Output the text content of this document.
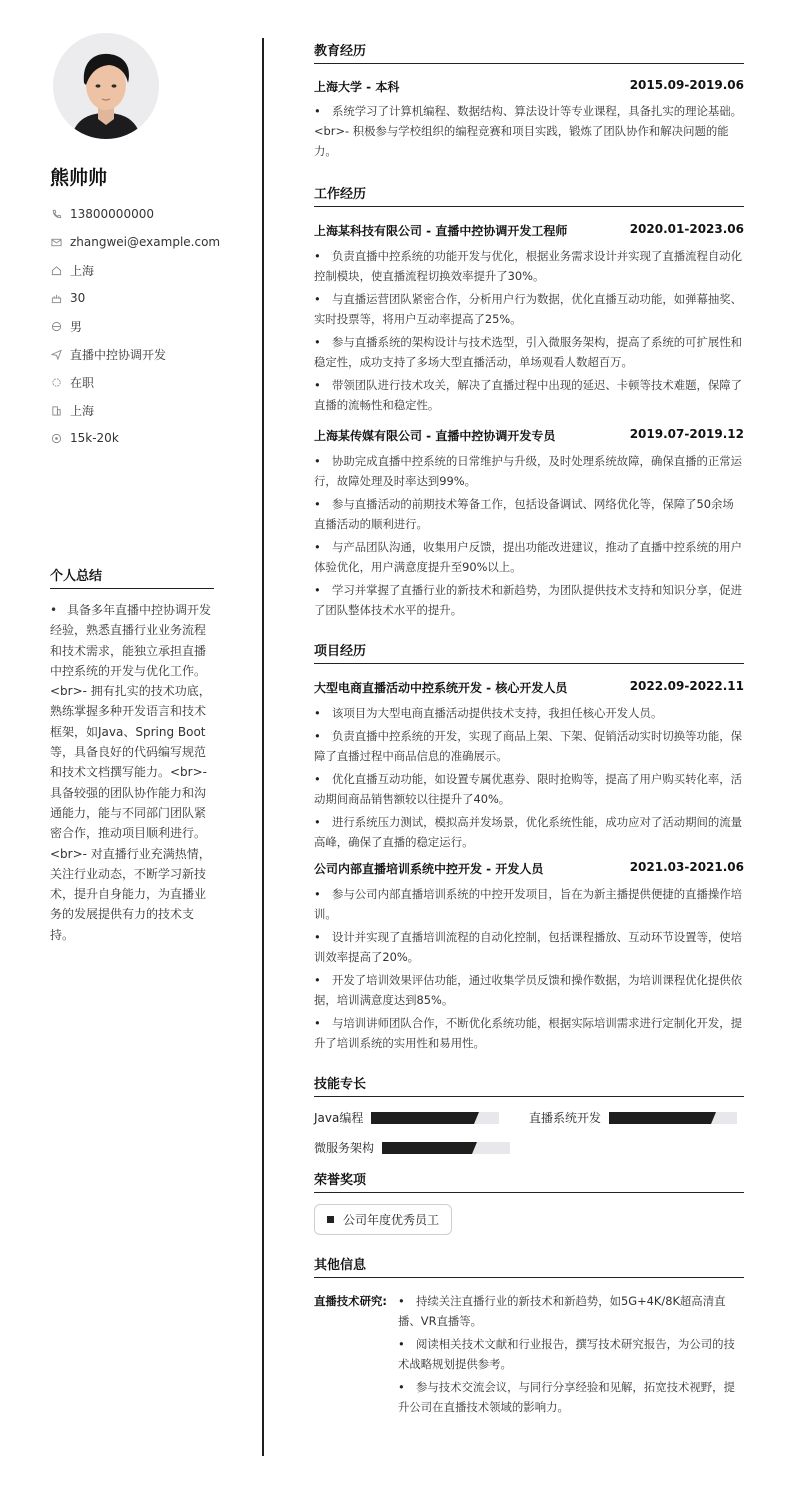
熊帅帅
13800000000
zhangwei@example.com
上海
30
男
直播中控协调开发
在职
上海
15k-20k
个人总结
• 具备多年直播中控协调开发经验，熟悉直播行业业务流程和技术需求，能独立承担直播中控系统的开发与优化工作。<br>- 拥有扎实的技术功底，熟练掌握多种开发语言和技术框架，如Java、Spring Boot等，具备良好的代码编写规范和技术文档撰写能力。<br>- 具备较强的团队协作能力和沟通能力，能与不同部门团队紧密合作，推动项目顺利进行。<br>- 对直播行业充满热情，关注行业动态，不断学习新技术，提升自身能力，为直播业务的发展提供有力的技术支持。
教育经历
上海大学 - 本科	2015.09-2019.06
• 系统学习了计算机编程、数据结构、算法设计等专业课程，具备扎实的理论基础。<br>- 积极参与学校组织的编程竞赛和项目实践，锻炼了团队协作和解决问题的能力。
工作经历
上海某科技有限公司 - 直播中控协调开发工程师	2020.01-2023.06
• 负责直播中控系统的功能开发与优化，根据业务需求设计并实现了直播流程自动化控制模块，使直播流程切换效率提升了30%。
• 与直播运营团队紧密合作，分析用户行为数据，优化直播互动功能，如弹幕抽奖、实时投票等，将用户互动率提高了25%。
• 参与直播系统的架构设计与技术选型，引入微服务架构，提高了系统的可扩展性和稳定性，成功支持了多场大型直播活动，单场观看人数超百万。
• 带领团队进行技术攻关，解决了直播过程中出现的延迟、卡顿等技术难题，保障了直播的流畅性和稳定性。
上海某传媒有限公司 - 直播中控协调开发专员	2019.07-2019.12
• 协助完成直播中控系统的日常维护与升级，及时处理系统故障，确保直播的正常运行，故障处理及时率达到99%。
• 参与直播活动的前期技术筹备工作，包括设备调试、网络优化等，保障了50余场直播活动的顺利进行。
• 与产品团队沟通，收集用户反馈，提出功能改进建议，推动了直播中控系统的用户体验优化，用户满意度提升至90%以上。
• 学习并掌握了直播行业的新技术和新趋势，为团队提供技术支持和知识分享，促进了团队整体技术水平的提升。
项目经历
大型电商直播活动中控系统开发 - 核心开发人员	2022.09-2022.11
• 该项目为大型电商直播活动提供技术支持，我担任核心开发人员。
• 负责直播中控系统的开发，实现了商品上架、下架、促销活动实时切换等功能，保障了直播过程中商品信息的准确展示。
• 优化直播互动功能，如设置专属优惠券、限时抢购等，提高了用户购买转化率，活动期间商品销售额较以往提升了40%。
• 进行系统压力测试，模拟高并发场景，优化系统性能，成功应对了活动期间的流量高峰，确保了直播的稳定运行。
公司内部直播培训系统中控开发 - 开发人员	2021.03-2021.06
• 参与公司内部直播培训系统的中控开发项目，旨在为新主播提供便捷的直播操作培训。
• 设计并实现了直播培训流程的自动化控制，包括课程播放、互动环节设置等，使培训效率提高了20%。
• 开发了培训效果评估功能，通过收集学员反馈和操作数据，为培训课程优化提供依据，培训满意度达到85%。
• 与培训讲师团队合作，不断优化系统功能，根据实际培训需求进行定制化开发，提升了培训系统的实用性和易用性。
技能专长
Java编程	直播系统开发
微服务架构
荣誉奖项
公司年度优秀员工
其他信息
直播技术研究:
•	持续关注直播行业的新技术和新趋势，如5G+4K/8K超高清直播、VR直播等。
• 阅读相关技术文献和行业报告，撰写技术研究报告，为公司的技术战略规划提供参考。
• 参与技术交流会议，与同行分享经验和见解，拓宽技术视野，提升公司在直播技术领域的影响力。
